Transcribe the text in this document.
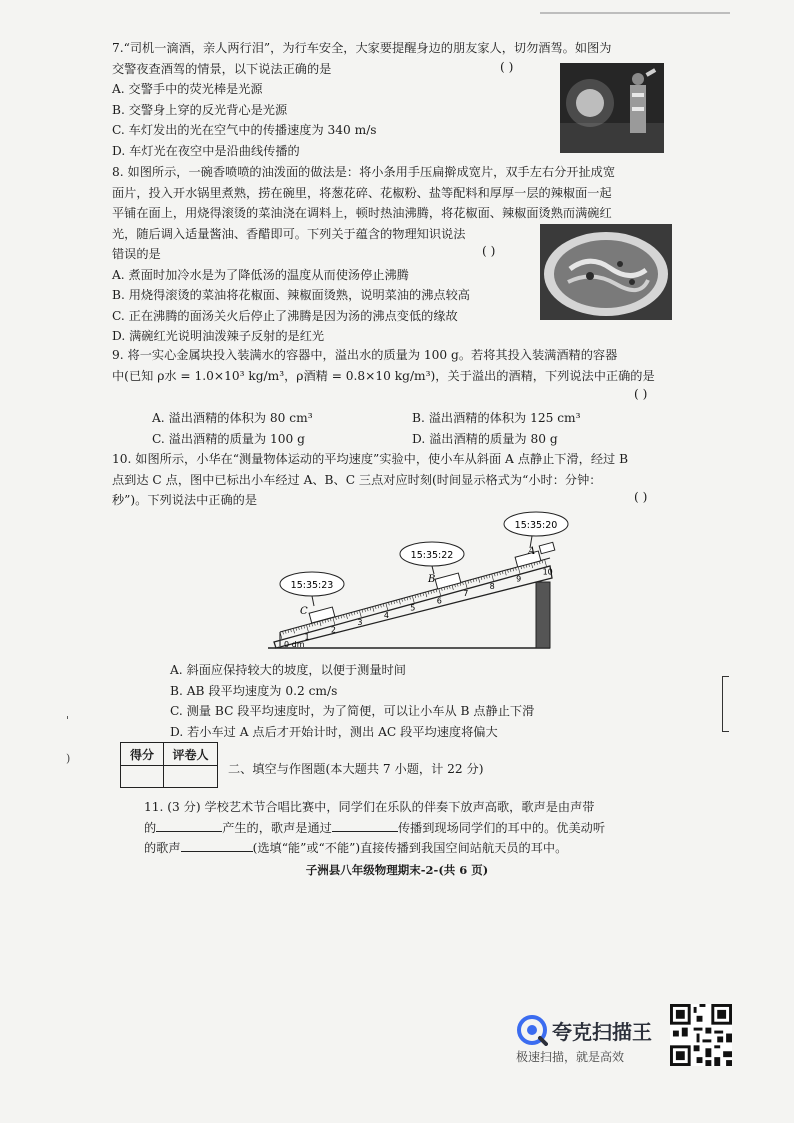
7.“司机一滴酒，亲人两行泪”，为行车安全，大家要提醒身边的朋友家人，切勿酒驾。如图为
交警夜查酒驾的情景，以下说法正确的是
A. 交警手中的荧光棒是光源
B. 交警身上穿的反光背心是光源
C. 车灯发出的光在空气中的传播速度为 340 m/s
D. 车灯光在夜空中是沿曲线传播的
( )
8. 如图所示，一碗香喷喷的油泼面的做法是：将小条用手压扁擀成宽片，双手左右分开扯成宽
面片，投入开水锅里煮熟，捞在碗里，将葱花碎、花椒粉、盐等配料和厚厚一层的辣椒面一起
平铺在面上，用烧得滚烫的菜油浇在调料上，顿时热油沸腾，将花椒面、辣椒面烫熟而满碗红
光，随后调入适量酱油、香醋即可。下列关于蕴含的物理知识说法
错误的是
A. 煮面时加冷水是为了降低汤的温度从而使汤停止沸腾
B. 用烧得滚烫的菜油将花椒面、辣椒面烫熟，说明菜油的沸点较高
C. 正在沸腾的面汤关火后停止了沸腾是因为汤的沸点变低的缘故
D. 满碗红光说明油泼辣子反射的是红光
( )
9. 将一实心金属块投入装满水的容器中，溢出水的质量为 100 g。若将其投入装满酒精的容器
中(已知 ρ水 = 1.0×10³ kg/m³，ρ酒精 = 0.8×10 kg/m³)，关于溢出的酒精，下列说法中正确的是
( )
A. 溢出酒精的体积为 80 cm³	B. 溢出酒精的体积为 125 cm³
C. 溢出酒精的质量为 100 g	D. 溢出酒精的质量为 80 g
10. 如图所示，小华在“测量物体运动的平均速度”实验中，使小车从斜面 A 点静止下滑，经过 B
点到达 C 点，图中已标出小车经过 A、B、C 三点对应时刻(时间显示格式为“小时：分钟：
秒”)。下列说法中正确的是	( )
1
2
3
4
5
6
7
8
9
10
0 dm
A
B
C
15:35:20
15:35:22
15:35:23
A. 斜面应保持较大的坡度，以便于测量时间
B. AB 段平均速度为 0.2 cm/s
C. 测量 BC 段平均速度时，为了简便，可以让小车从 B 点静止下滑
D. 若小车过 A 点后才开始计时，测出 AC 段平均速度将偏大
'
)	得分	评卷人
二、填空与作图题(本大题共 7 小题，计 22 分)
11. (3 分) 学校艺术节合唱比赛中，同学们在乐队的伴奏下放声高歌，歌声是由声带
的	产生的，歌声是通过	传播到现场同学们的耳中的。优美动听
的歌声	(选填“能”或“不能”)直接传播到我国空间站航天员的耳中。
子洲县八年级物理期末-2-(共 6 页)
夸克扫描王
极速扫描，就是高效
